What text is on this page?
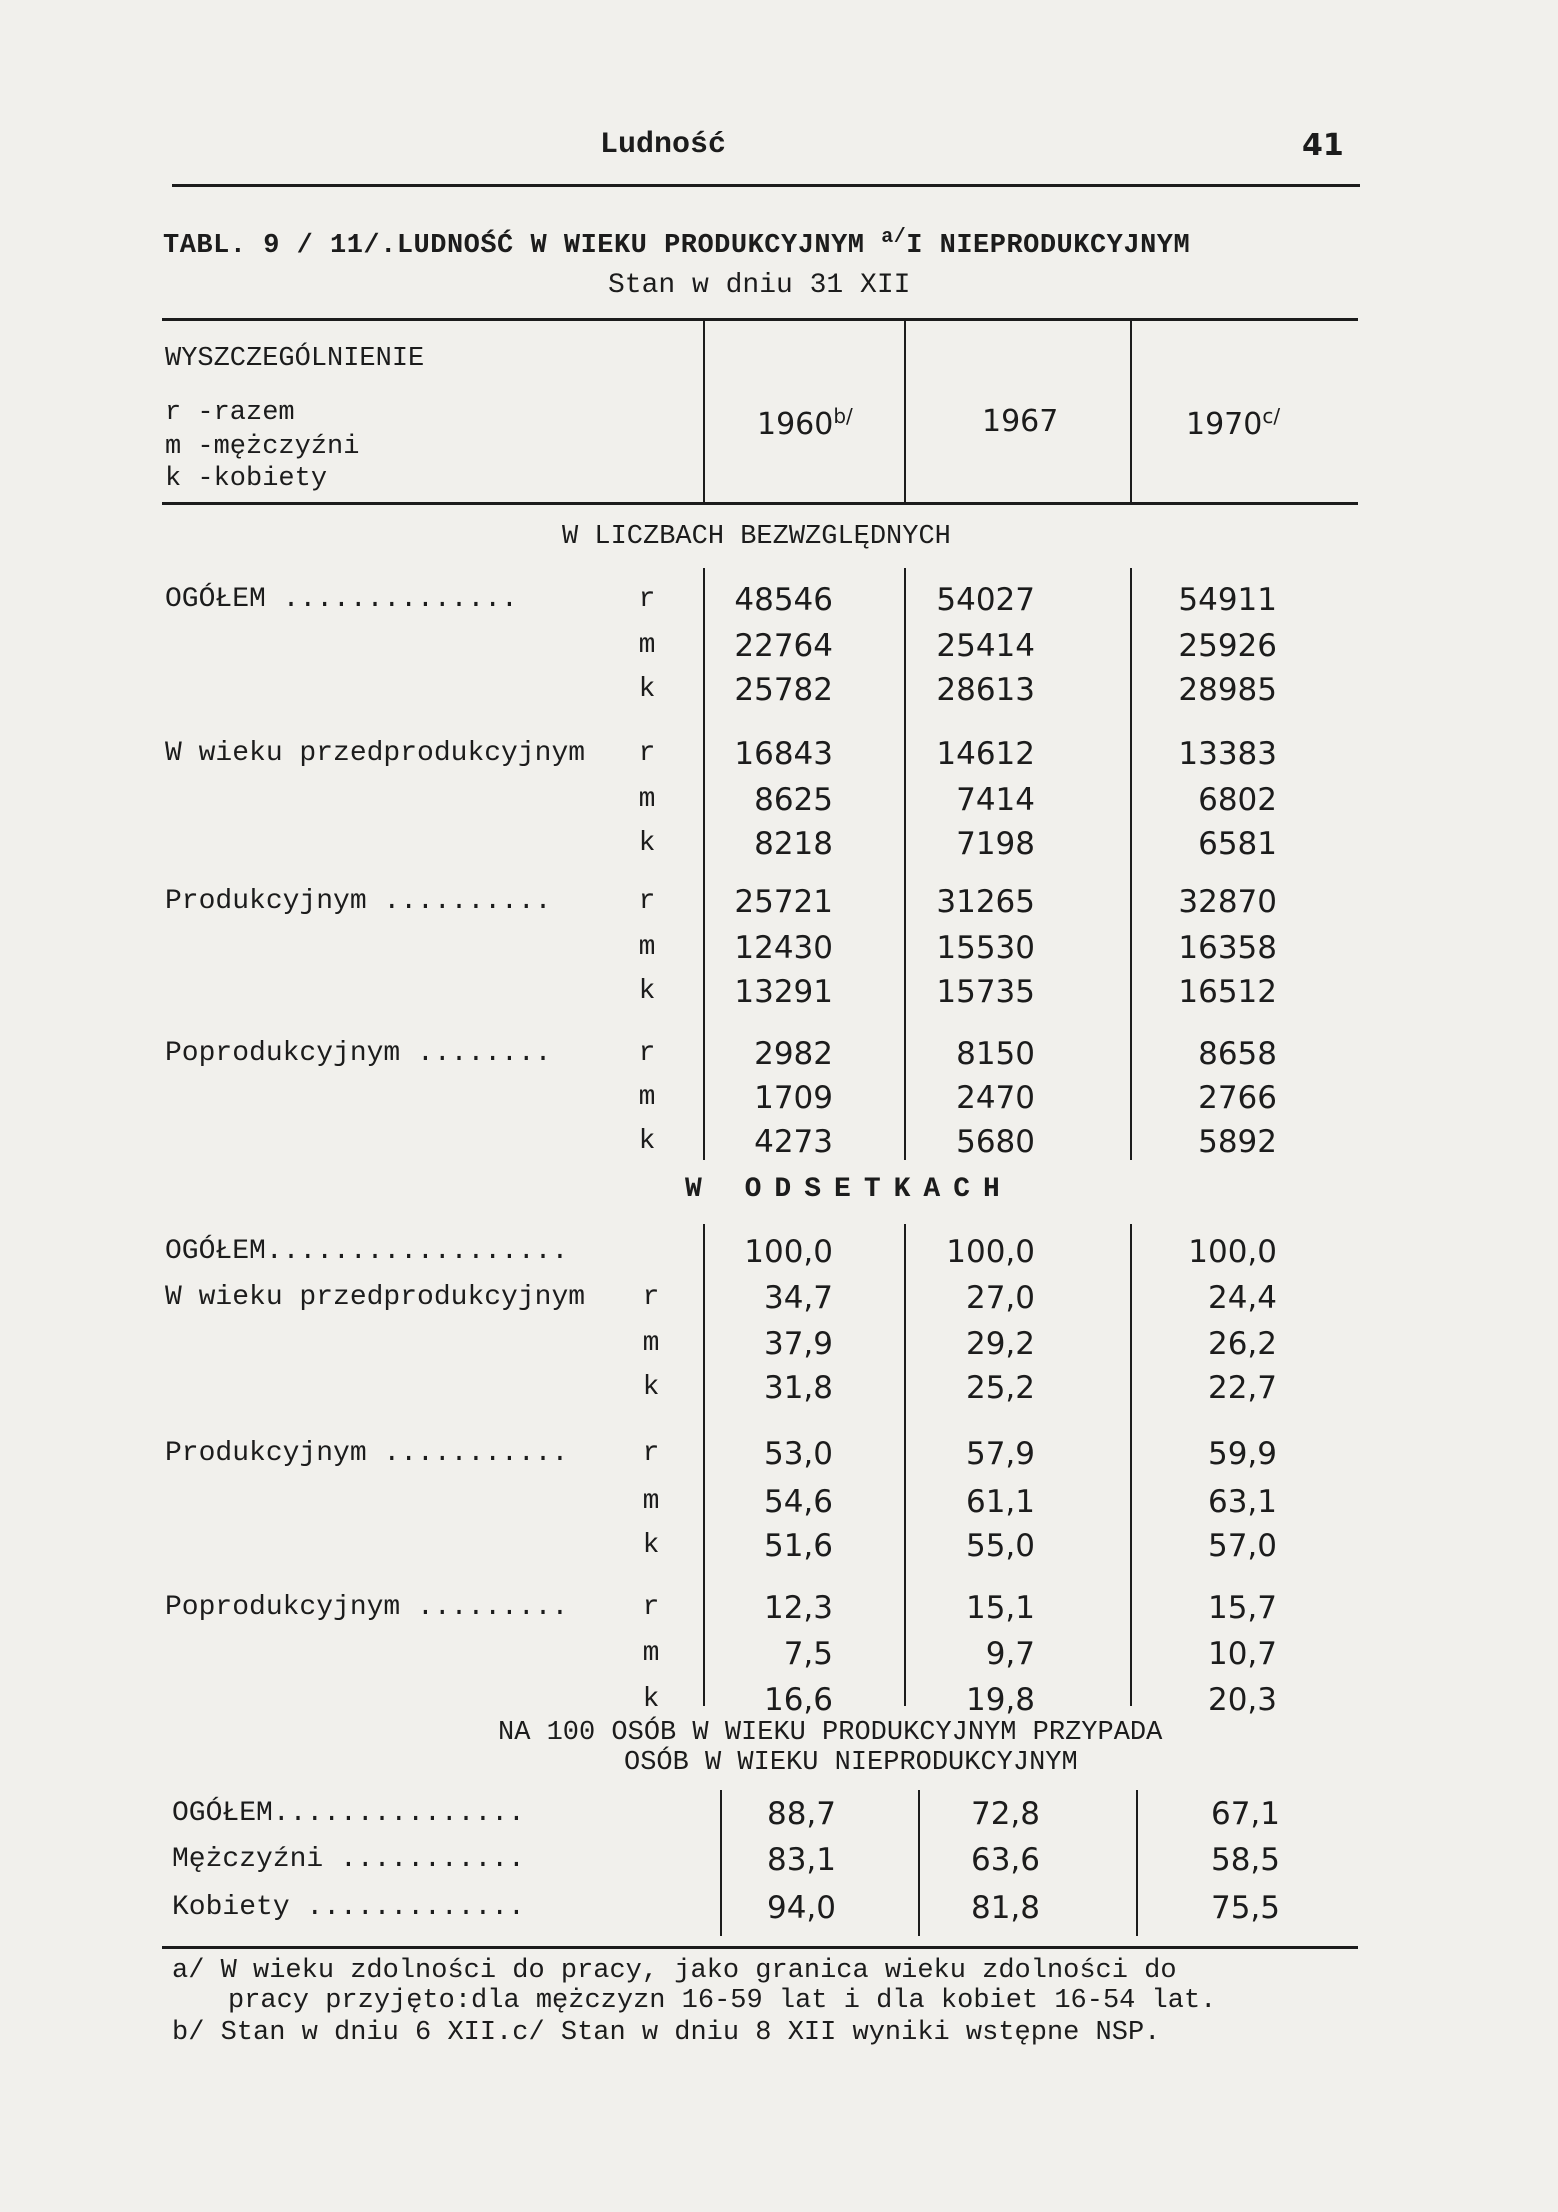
Ludność	41
TABL. 9 / 11/.LUDNOŚĆ W WIEKU PRODUKCYJNYM $^{a/}$I NIEPRODUKCYJNYM
Stan w dniu 31 XII
WYSZCZEGÓLNIENIE
r -razem
m -mężczyźni
k -kobiety
$1960^{b/}$	1967	$1970^{c/}$
W LICZBACH BEZWZGLĘDNYCH
W ODSETKACH
NA 100 OSÓB W WIEKU PRODUKCYJNYM PRZYPADA
OSÓB W WIEKU NIEPRODUKCYJNYM
OGÓŁEM ..............	r	48546	54027	54911
m	22764	25414	25926
k	25782	28613	28985
W wieku przedprodukcyjnym r	16843	14612	13383
m	8625	7414	6802
k	8218	7198	6581
Produkcyjnym ..........	r	25721	31265	32870
m	12430	15530	16358
k	13291	15735	16512
Poprodukcyjnym ........	r	2982	8150	8658
m	1709	2470	2766
k	4273	5680	5892
OGÓŁEM..................	100,0	100,0	100,0
W wieku przedprodukcyjnym r	34,7	27,0	24,4
m	37,9	29,2	26,2
k	31,8	25,2	22,7
Produkcyjnym ...........	r	53,0	57,9	59,9
m	54,6	61,1	63,1
k	51,6	55,0	57,0
Poprodukcyjnym .........	r	12,3	15,1	15,7
m	7,5	9,7	10,7
k	16,6	19,8	20,3
OGÓŁEM...............	88,7	72,8	67,1
Mężczyźni ...........	83,1	63,6	58,5
Kobiety .............	94,0	81,8	75,5
a/ W wieku zdolności do pracy, jako granica wieku zdolności do
pracy przyjęto:dla mężczyzn 16-59 lat i dla kobiet 16-54 lat.
b/ Stan w dniu 6 XII.c/ Stan w dniu 8 XII wyniki wstępne NSP.
